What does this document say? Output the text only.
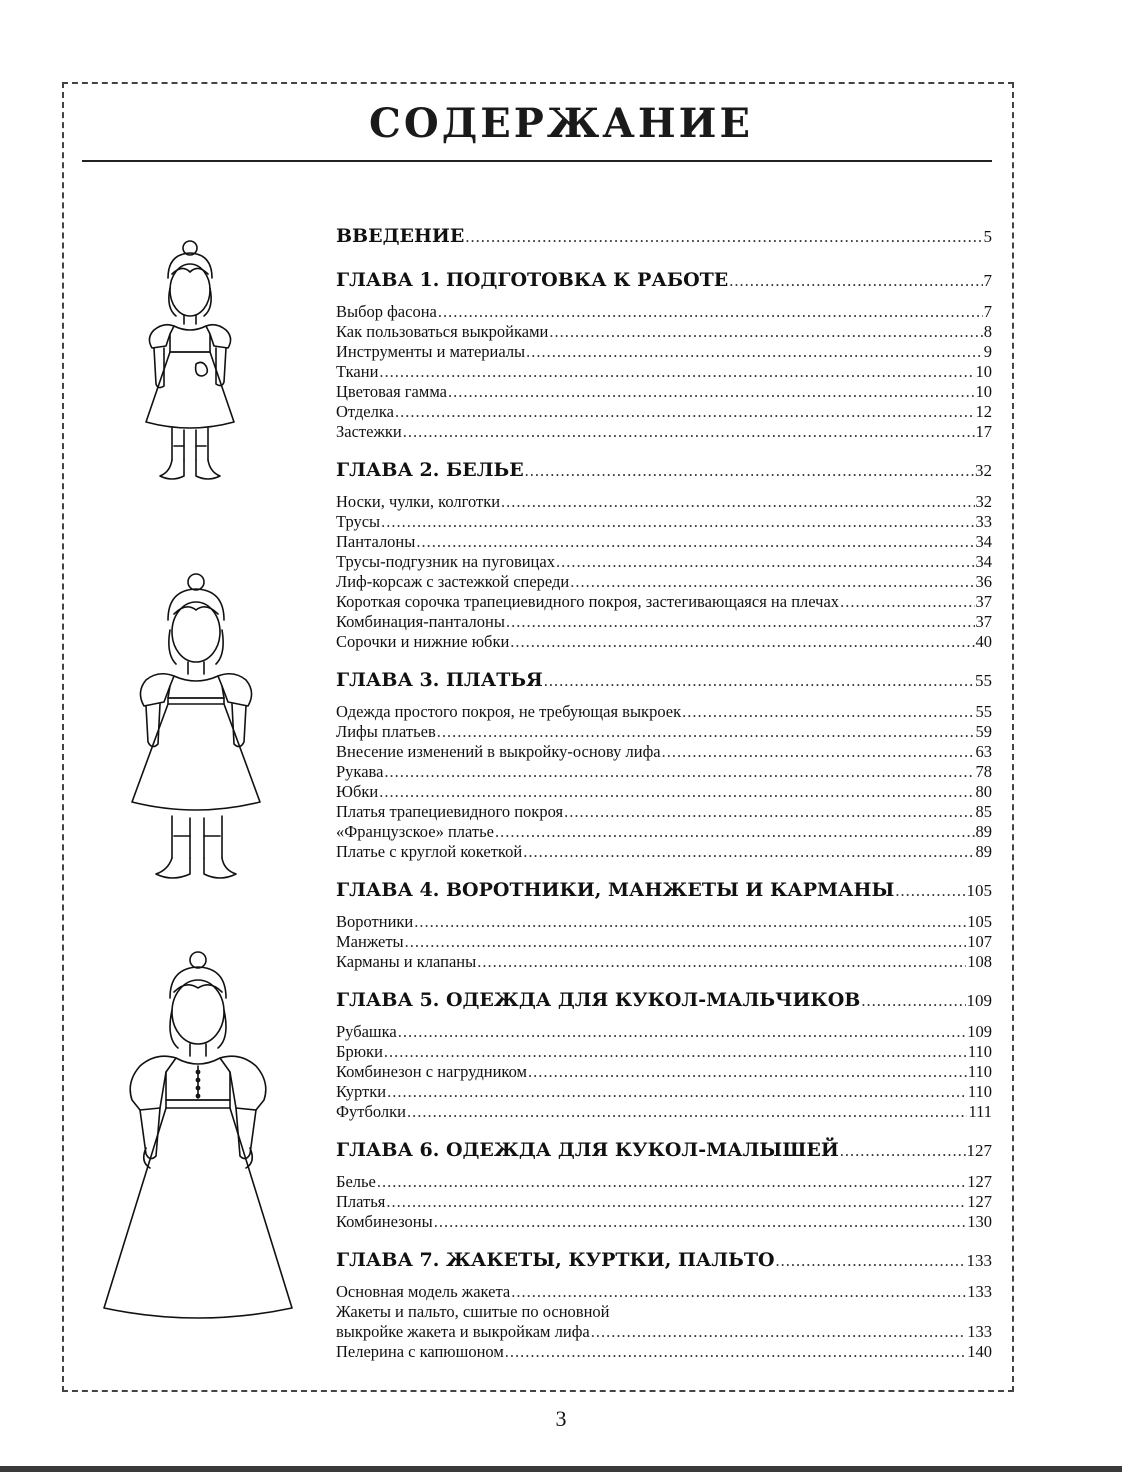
СОДЕРЖАНИЕ
ВВЕДЕНИЕ .....	5
ГЛАВА 1. ПОДГОТОВКА К РАБОТЕ .....	7
Выбор фасона .....	7
Как пользоваться выкройками .....	8
Инструменты и материалы .....	9
Ткани .....	10
Цветовая гамма .....	10
Отделка .....	12
Застежки .....	17
ГЛАВА 2. БЕЛЬЕ .....	32
Носки, чулки, колготки .....	32
Трусы .....	33
Панталоны .....	34
Трусы-подгузник на пуговицах .....	34
Лиф-корсаж с застежкой спереди .....	36
Короткая сорочка трапециевидного покроя, застегивающаяся на плечах .....	37
Комбинация-панталоны .....	37
Сорочки и нижние юбки .....	40
ГЛАВА 3. ПЛАТЬЯ .....	55
Одежда простого покроя, не требующая выкроек .....	55
Лифы платьев .....	59
Внесение изменений в выкройку-основу лифа .....	63
Рукава .....	78
Юбки .....	80
Платья трапециевидного покроя .....	85
«Французское» платье .....	89
Платье с круглой кокеткой .....	89
ГЛАВА 4. ВОРОТНИКИ, МАНЖЕТЫ И КАРМАНЫ .....	105
Воротники .....	105
Манжеты .....	107
Карманы и клапаны .....	108
ГЛАВА 5. ОДЕЖДА ДЛЯ КУКОЛ-МАЛЬЧИКОВ .....	109
Рубашка .....	109
Брюки .....	110
Комбинезон с нагрудником .....	110
Куртки .....	110
Футболки .....	111
ГЛАВА 6. ОДЕЖДА ДЛЯ КУКОЛ-МАЛЫШЕЙ .....	127
Белье .....	127
Платья .....	127
Комбинезоны .....	130
ГЛАВА 7. ЖАКЕТЫ, КУРТКИ, ПАЛЬТО .....	133
Основная модель жакета .....	133
Жакеты и пальто, сшитые по основной
выкройке жакета и выкройкам лифа .....	133
Пелерина с капюшоном .....	140
3
